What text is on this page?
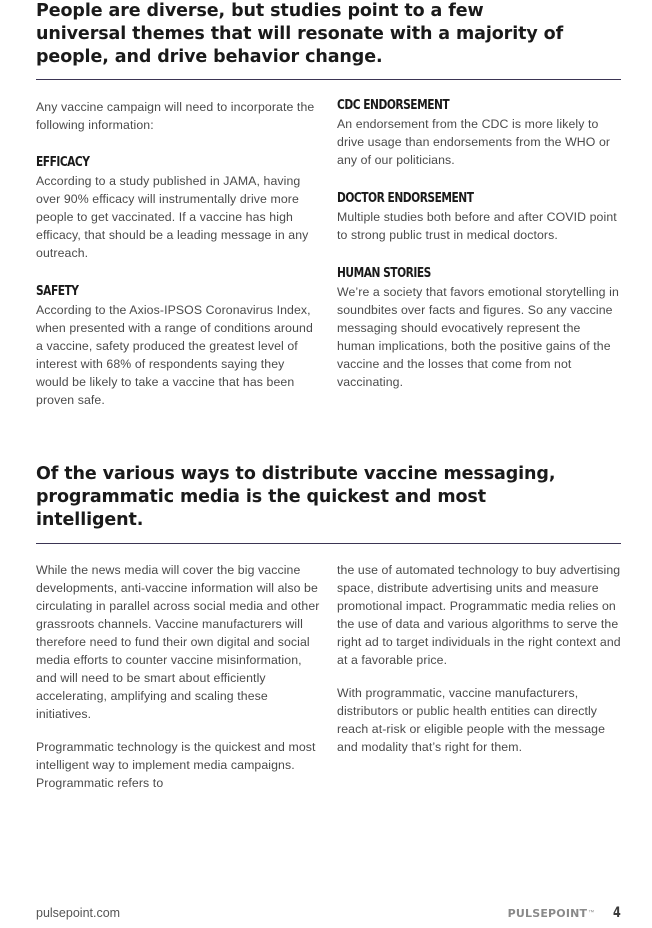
People are diverse, but studies point to a few universal themes that will resonate with a majority of people, and drive behavior change.

Any vaccine campaign will need to incorporate the following information:

EFFICACY

According to a study published in JAMA, having over 90% efficacy will instrumentally drive more people to get vaccinated. If a vaccine has high efficacy, that should be a leading message in any outreach.

SAFETY

According to the Axios-IPSOS Coronavirus Index, when presented with a range of conditions around a vaccine, safety produced the greatest level of interest with 68% of respondents saying they would be likely to take a vaccine that has been proven safe.

CDC ENDORSEMENT

An endorsement from the CDC is more likely to drive usage than endorsements from the WHO or any of our politicians.

DOCTOR ENDORSEMENT

Multiple studies both before and after COVID point to strong public trust in medical doctors.

HUMAN STORIES

We’re a society that favors emotional storytelling in soundbites over facts and figures. So any vaccine messaging should evocatively represent the human implications, both the positive gains of the vaccine and the losses that come from not vaccinating.

Of the various ways to distribute vaccine messaging, programmatic media is the quickest and most intelligent.

While the news media will cover the big vaccine developments, anti-vaccine information will also be circulating in parallel across social media and other grassroots channels. Vaccine manufacturers will therefore need to fund their own digital and social media efforts to counter vaccine misinformation, and will need to be smart about efficiently accelerating, amplifying and scaling these initiatives.

Programmatic technology is the quickest and most intelligent way to implement media campaigns. Programmatic refers to

the use of automated technology to buy advertising space, distribute advertising units and measure promotional impact. Programmatic media relies on the use of data and various algorithms to serve the right ad to target individuals in the right context and at a favorable price.

With programmatic, vaccine manufacturers, distributors or public health entities can directly reach at-risk or eligible people with the message and modality that’s right for them.

pulsepoint.com	PULSEPOINT ™ 4
